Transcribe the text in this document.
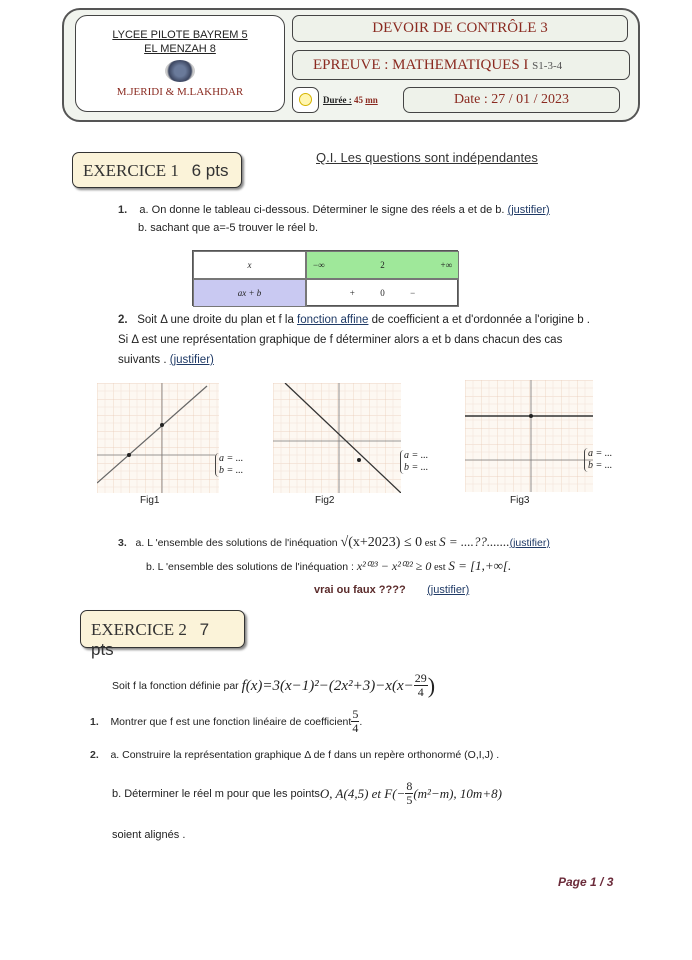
LYCEE PILOTE BAYREM 5
EL MENZAH 8
M.JERIDI & M.LAKHDAR
DEVOIR DE CONTRÔLE 3
EPREUVE : MATHEMATIQUES I S1-3-4
Durée : 45 mn	Date : 27 / 01 / 2023
EXERCICE 1 6 pts
Q.I. Les questions sont indépendantes
1. a. On donne le tableau ci-dessous. Déterminer le signe des réels a et de b. (justifier)
b. sachant que a=-5 trouver le réel b.
x	−∞	2	+∞
ax + b	+	0	−
2. Soit Δ une droite du plan et f la fonction affine de coefficient a et d'ordonnée a l'origine b . Si Δ est une représentation graphique de f déterminer alors a et b dans chacun des cas suivants . (justifier)
a = ...
b = ...
Fig1
a = ...
b = ...
Fig2
a = ...
b = ...
Fig3
3. a. L 'ensemble des solutions de l'inéquation √(x+2023) ≤ 0 est S = ....??.......(justifier)
b. L 'ensemble des solutions de l'inéquation : x²⁰²³ − x²⁰²² ≥ 0 est S = [1,+∞[.
vrai ou faux ???? (justifier)
EXERCICE 2 7 pts
Soit f la fonction définie par
$f(x)=3(x-1)^2-(2x^2+3)-x(x- \frac{29}{4}$ )
1.
Montrer que f est une fonction linéaire de coefficient $\frac{5}{4}$ .
2. a. Construire la représentation graphique Δ de f dans un repère orthonormé (O,I,J) .
b. Déterminer le réel m pour que les points O, A(4,5) et $F(- \frac{8}{5} (m^2-m)$, 10m+8)
soient alignés .
Page 1 / 3
